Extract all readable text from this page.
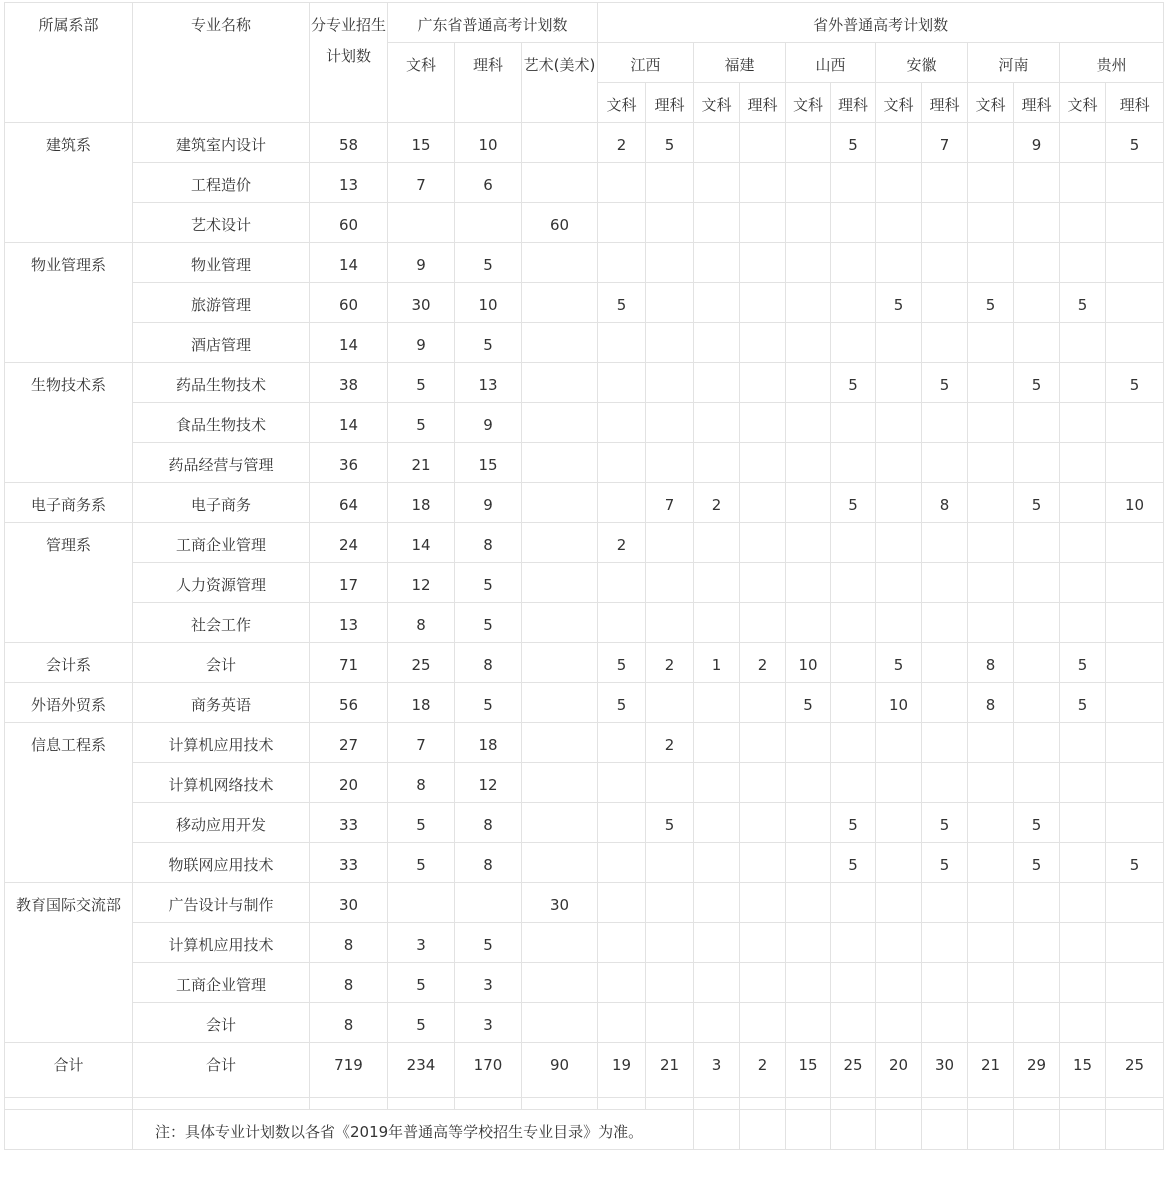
所属系部	专业名称	分专业招生计划数	广东省普通高考计划数			省外普通高考计划数											
			文科	理科	艺术(美术)	江西		福建		山西		安徽		河南		贵州	
						文科	理科	文科	理科	文科	理科	文科	理科	文科	理科	文科	理科
建筑系	建筑室内设计	58	15	10		2	5				5		7		9		5
	工程造价	13	7	6													
	艺术设计	60			60												
物业管理系	物业管理	14	9	5													
	旅游管理	60	30	10		5						5		5		5	
	酒店管理	14	9	5													
生物技术系	药品生物技术	38	5	13							5		5		5		5
	食品生物技术	14	5	9													
	药品经营与管理	36	21	15													
电子商务系	电子商务	64	18	9			7	2			5		8		5		10
管理系	工商企业管理	24	14	8		2											
	人力资源管理	17	12	5													
	社会工作	13	8	5													
会计系	会计	71	25	8		5	2	1	2	10		5		8		5	
外语外贸系	商务英语	56	18	5		5				5		10		8		5	
信息工程系	计算机应用技术	27	7	18			2										
	计算机网络技术	20	8	12													
	移动应用开发	33	5	8			5				5		5		5		
	物联网应用技术	33	5	8							5		5		5		5
教育国际交流部	广告设计与制作	30			30												
	计算机应用技术	8	3	5													
	工商企业管理	8	5	3													
	会计	8	5	3													
合计	合计	719	234	170	90	19	21	3	2	15	25	20	30	21	29	15	25

	注：具体专业计划数以各省《2019年普通高等学校招生专业目录》为准。																
